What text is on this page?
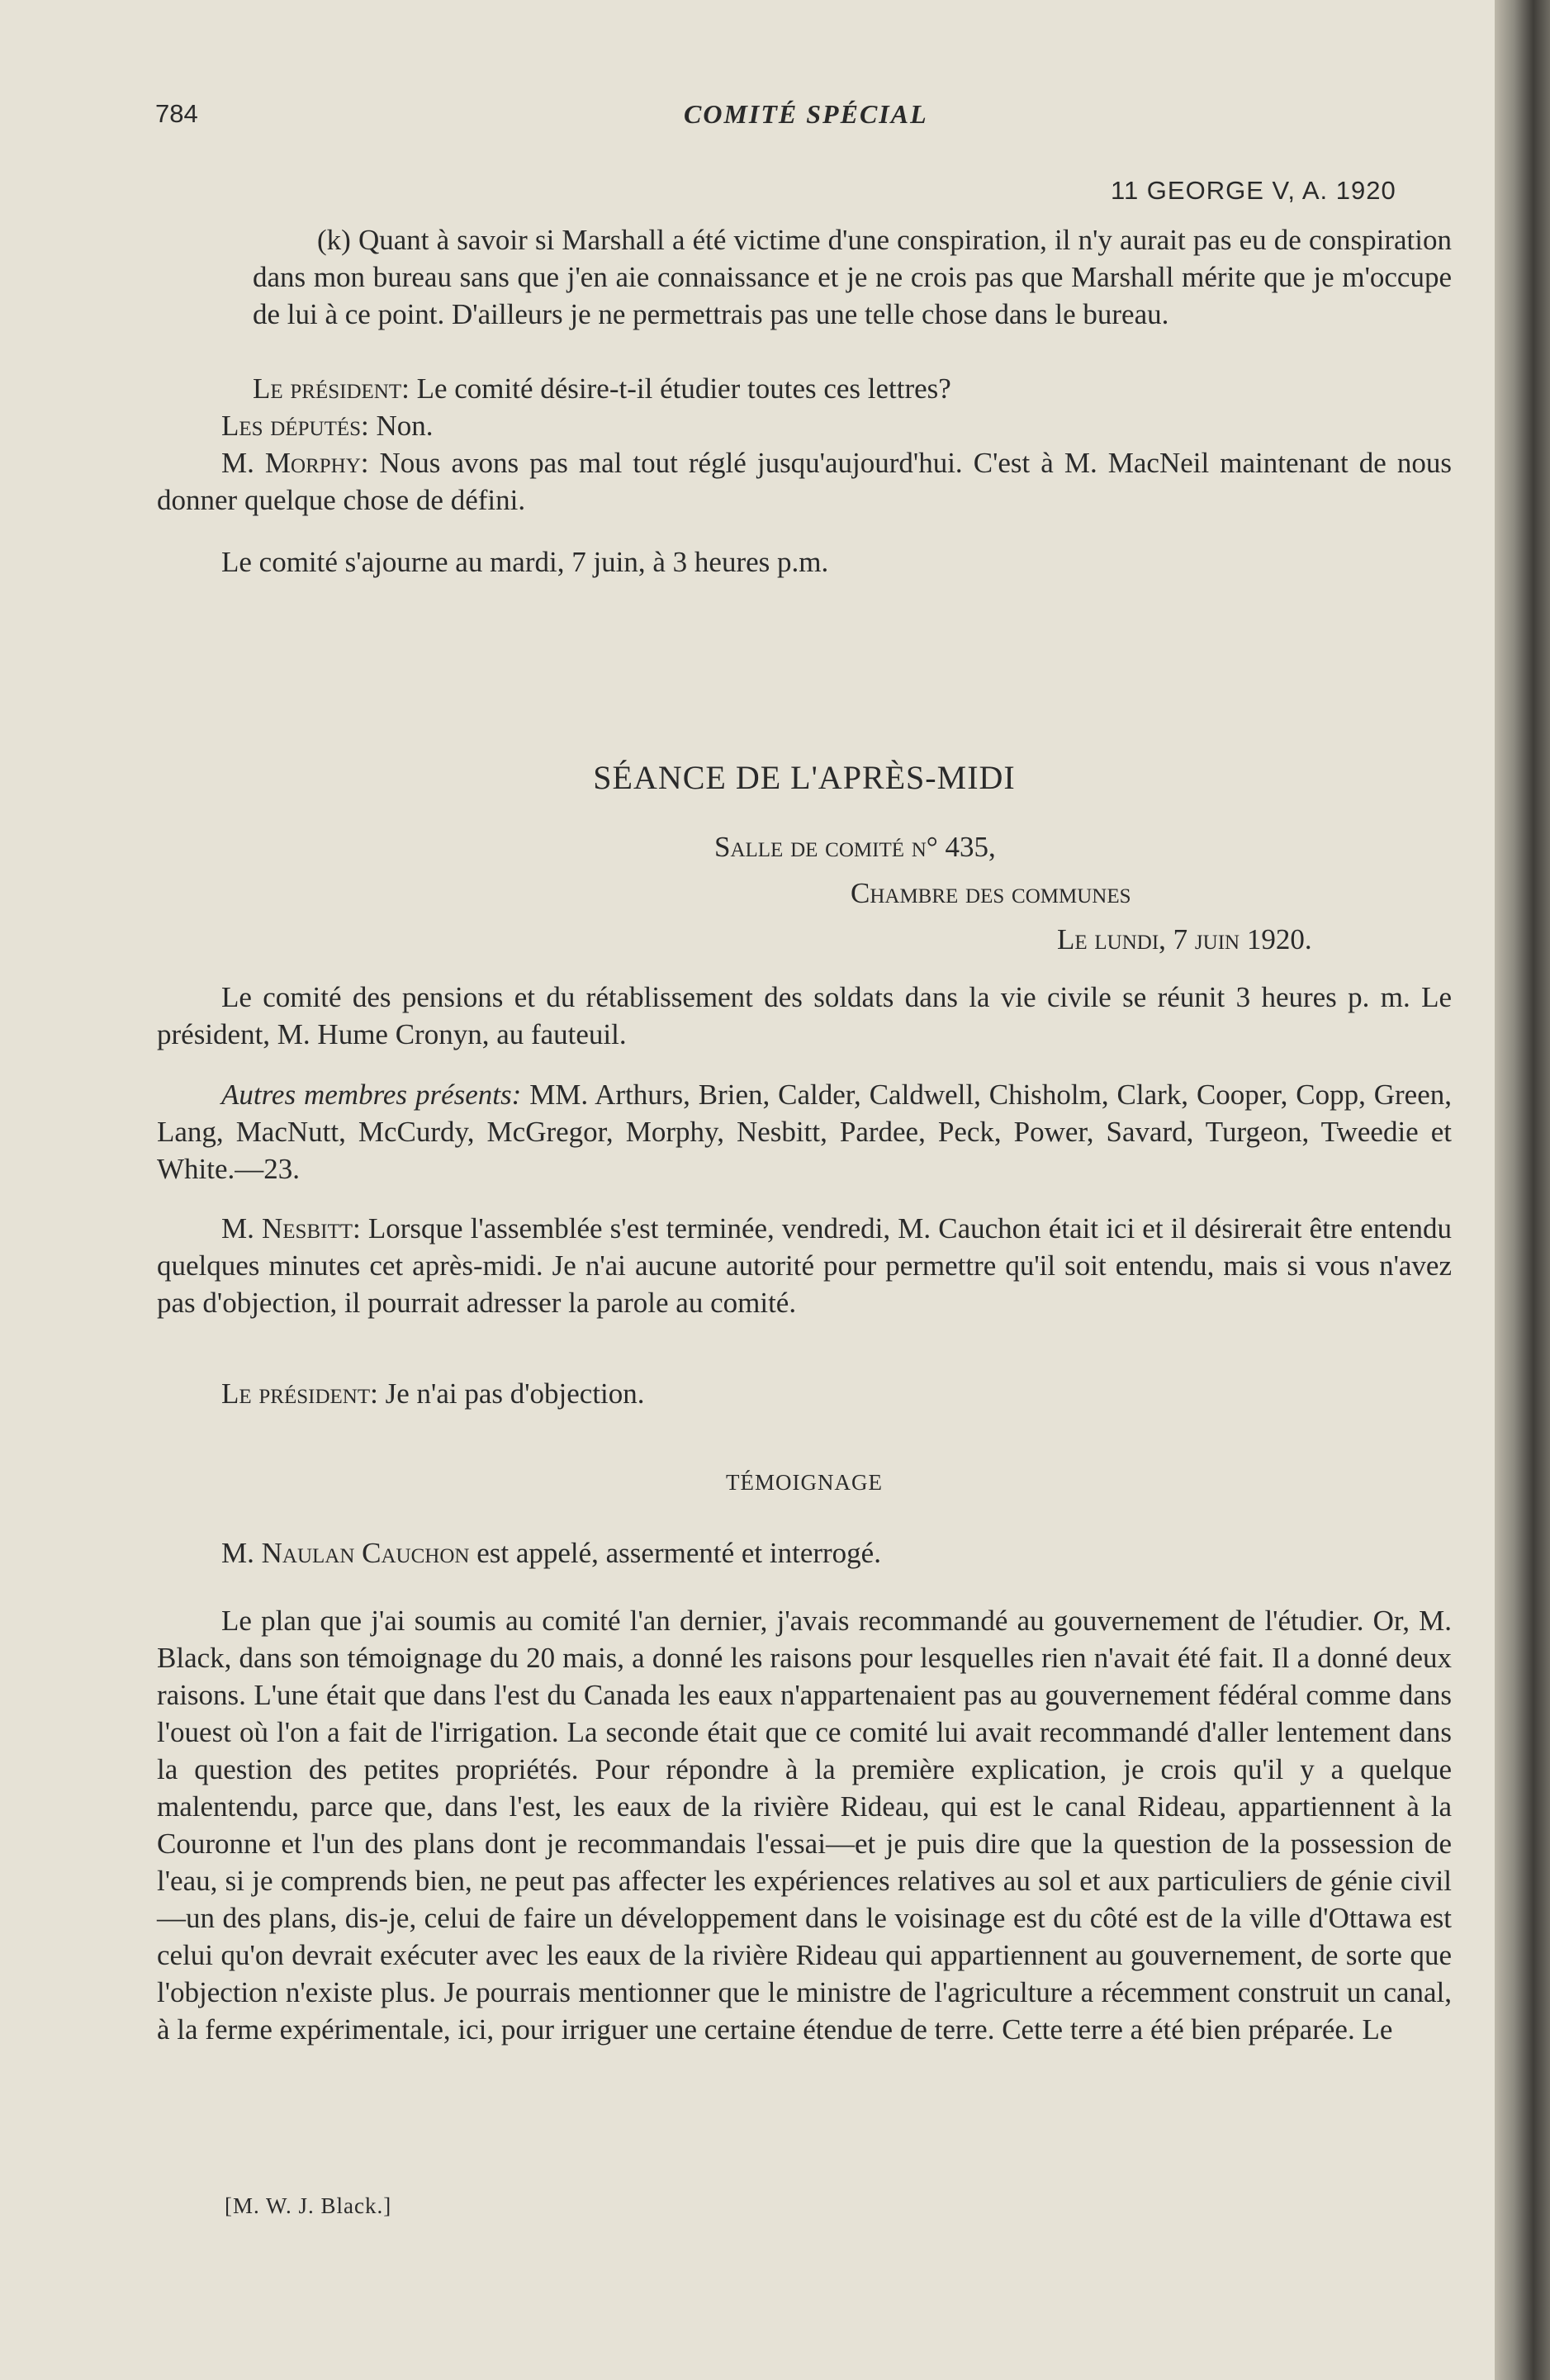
784	COMITÉ SPÉCIAL
11 GEORGE V, A. 1920

(k) Quant à savoir si Marshall a été victime d'une conspiration, il n'y aurait pas eu de conspiration dans mon bureau sans que j'en aie connaissance et je ne crois pas que Marshall mérite que je m'occupe de lui à ce point. D'ailleurs je ne permettrais pas une telle chose dans le bureau.

Le président: Le comité désire-t-il étudier toutes ces lettres?

Les députés: Non.

M. Morphy: Nous avons pas mal tout réglé jusqu'aujourd'hui. C'est à M. MacNeil maintenant de nous donner quelque chose de défini.

Le comité s'ajourne au mardi, 7 juin, à 3 heures p.m.

SÉANCE DE L'APRÈS-MIDI
Salle de comité n° 435,
Chambre des communes
Le lundi, 7 juin 1920.

Le comité des pensions et du rétablissement des soldats dans la vie civile se réunit 3 heures p. m. Le président, M. Hume Cronyn, au fauteuil.

Autres membres présents: MM. Arthurs, Brien, Calder, Caldwell, Chisholm, Clark, Cooper, Copp, Green, Lang, MacNutt, McCurdy, McGregor, Morphy, Nesbitt, Pardee, Peck, Power, Savard, Turgeon, Tweedie et White.—23.

M. Nesbitt: Lorsque l'assemblée s'est terminée, vendredi, M. Cauchon était ici et il désirerait être entendu quelques minutes cet après-midi. Je n'ai aucune autorité pour permettre qu'il soit entendu, mais si vous n'avez pas d'objection, il pourrait adresser la parole au comité.

Le président: Je n'ai pas d'objection.

TÉMOIGNAGE

M. Naulan Cauchon est appelé, assermenté et interrogé.

Le plan que j'ai soumis au comité l'an dernier, j'avais recommandé au gouvernement de l'étudier. Or, M. Black, dans son témoignage du 20 mais, a donné les raisons pour lesquelles rien n'avait été fait. Il a donné deux raisons. L'une était que dans l'est du Canada les eaux n'appartenaient pas au gouvernement fédéral comme dans l'ouest où l'on a fait de l'irrigation. La seconde était que ce comité lui avait recommandé d'aller lentement dans la question des petites propriétés. Pour répondre à la première explication, je crois qu'il y a quelque malentendu, parce que, dans l'est, les eaux de la rivière Rideau, qui est le canal Rideau, appartiennent à la Couronne et l'un des plans dont je recommandais l'essai—et je puis dire que la question de la possession de l'eau, si je comprends bien, ne peut pas affecter les expériences relatives au sol et aux particuliers de génie civil—un des plans, dis-je, celui de faire un développement dans le voisinage est du côté est de la ville d'Ottawa est celui qu'on devrait exécuter avec les eaux de la rivière Rideau qui appartiennent au gouvernement, de sorte que l'objection n'existe plus. Je pourrais mentionner que le ministre de l'agriculture a récemment construit un canal, à la ferme expérimentale, ici, pour irriguer une certaine étendue de terre. Cette terre a été bien préparée. Le

[M. W. J. Black.]
